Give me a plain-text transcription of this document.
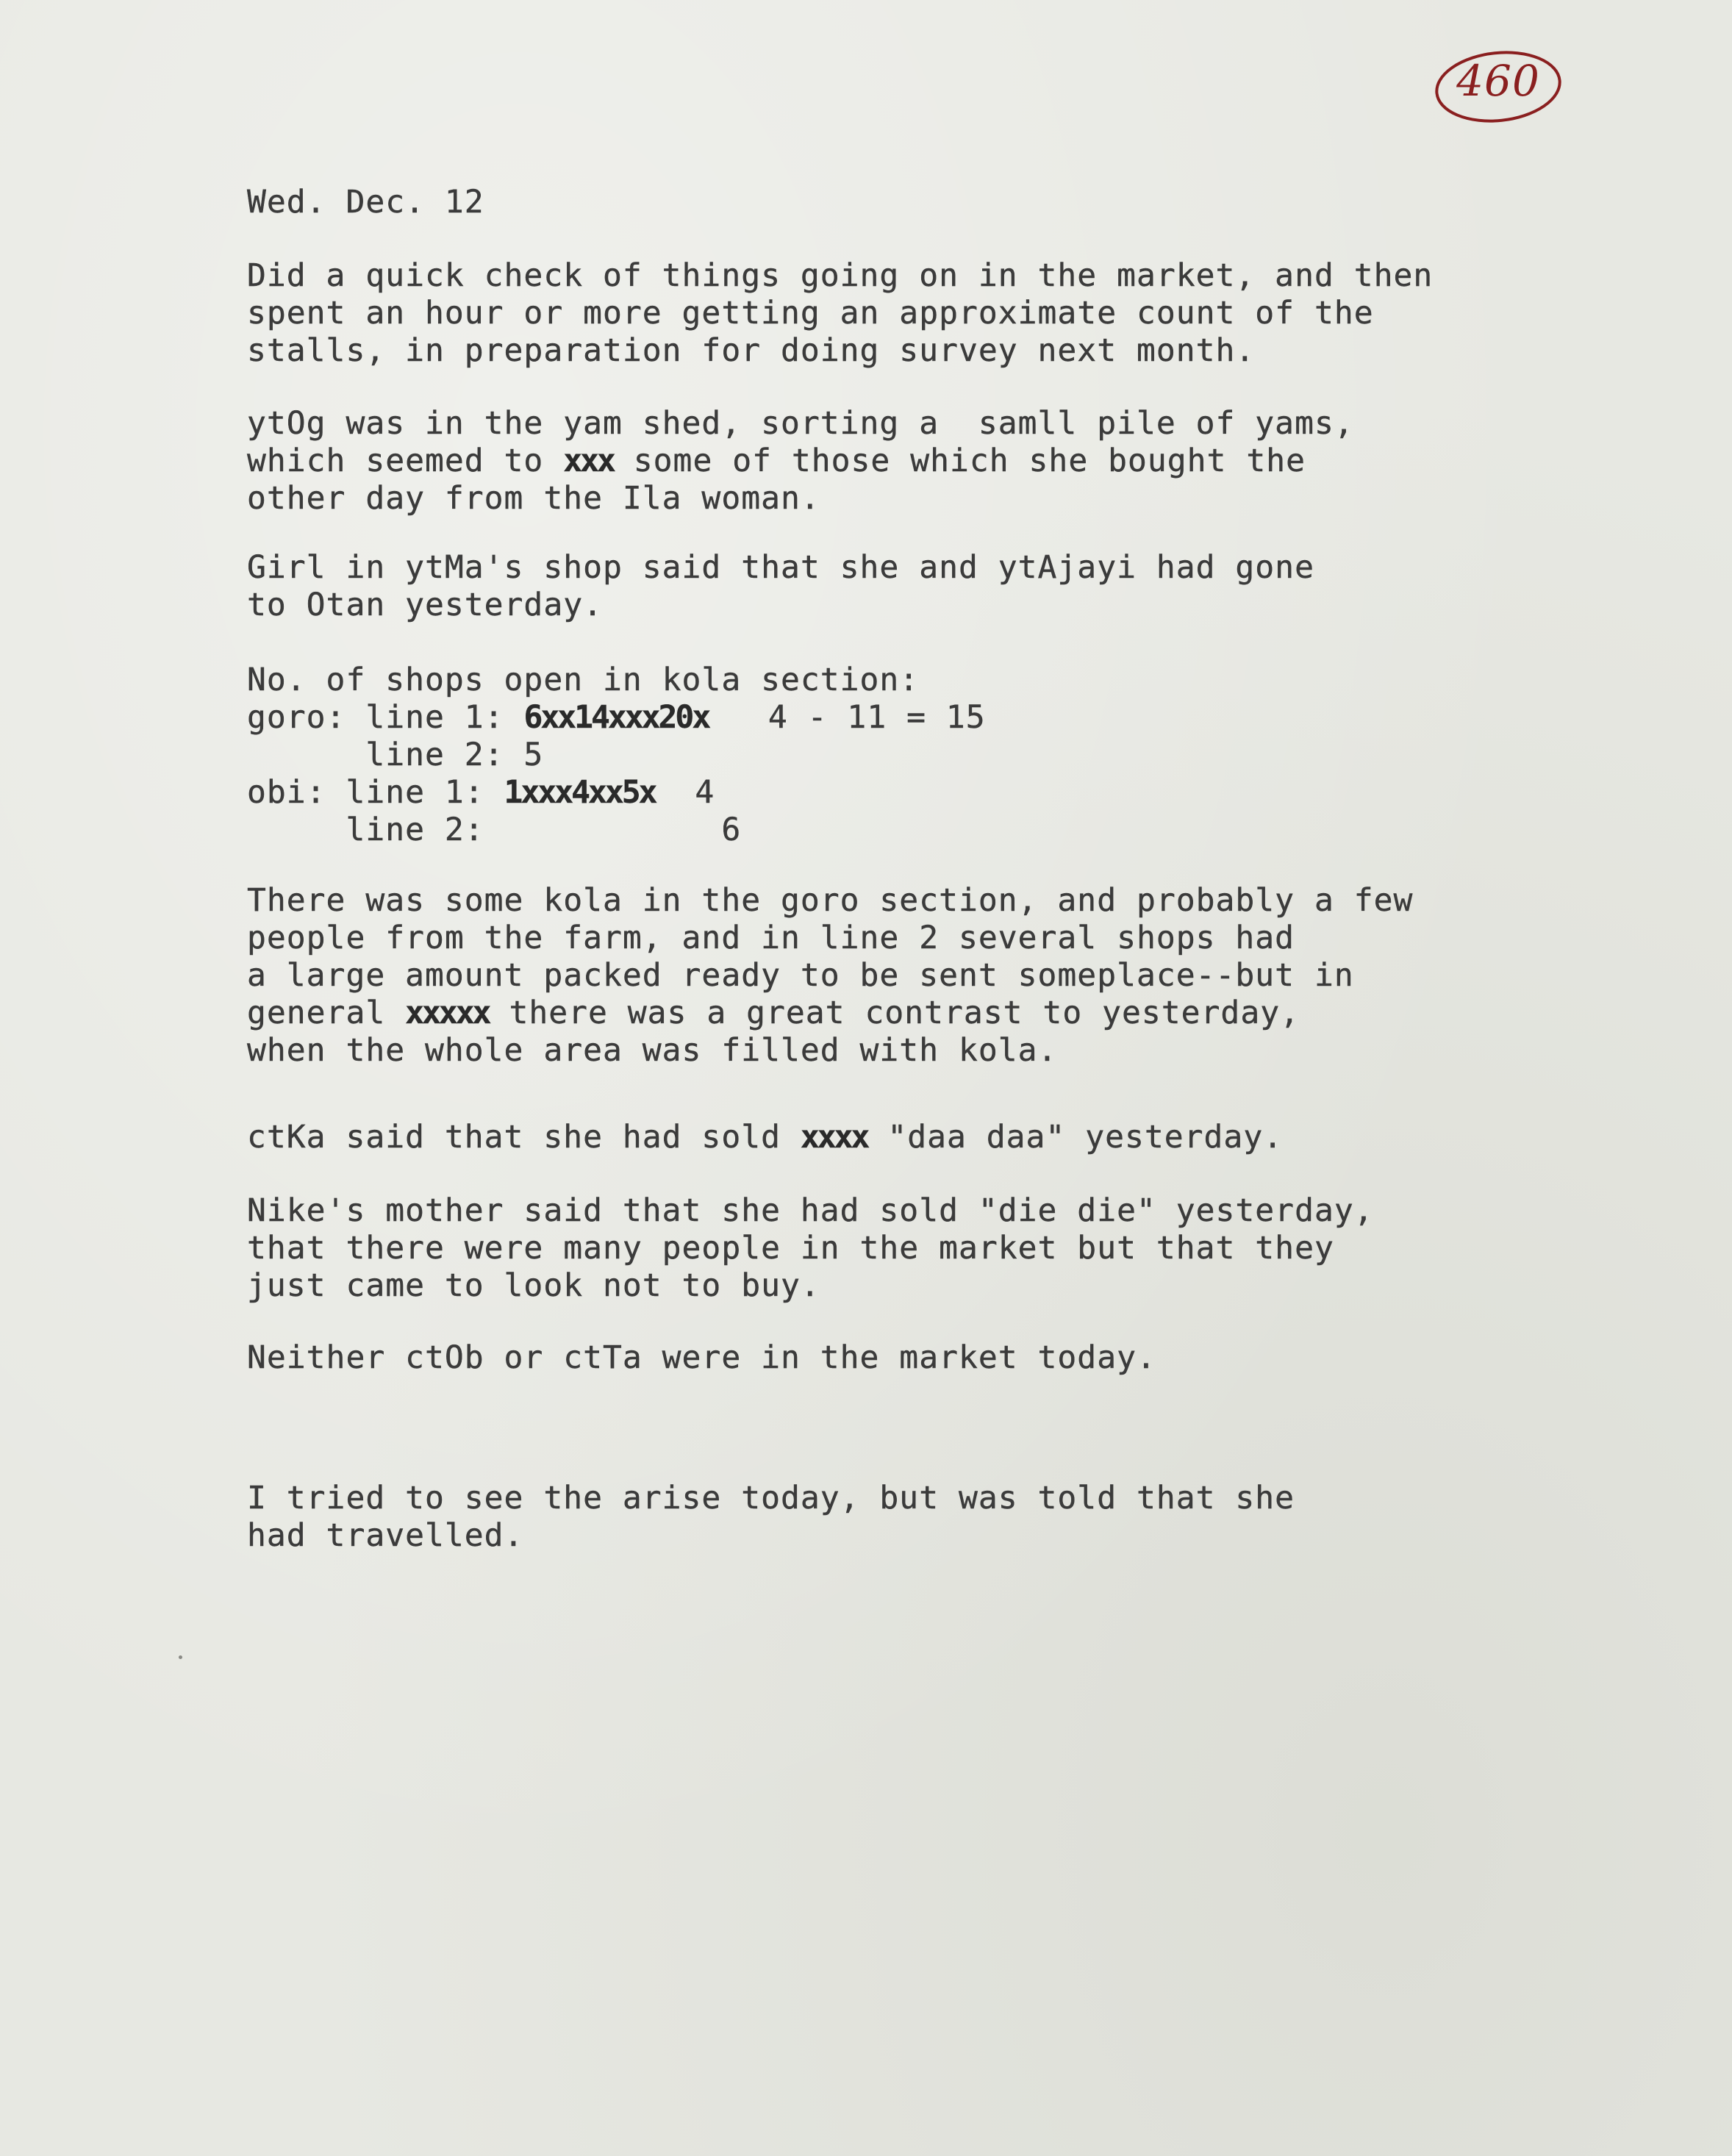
460
Wed. Dec. 12
Did a quick check of things going on in the market, and then
spent an hour or more getting an approximate count of the
stalls, in preparation for doing survey next month.
ytOg was in the yam shed, sorting a  samll pile of yams,
which seemed to xxx some of those which she bought the
other day from the Ila woman.
Girl in ytMa's shop said that she and ytAjayi had gone
to Otan yesterday.
No. of shops open in kola section:
goro: line 1: 6xx14xxx20x   4 - 11 = 15
line 2: 5
obi: line 1: 1xxx4xx5x  4
line 2:            6
There was some kola in the goro section, and probably a few
people from the farm, and in line 2 several shops had
a large amount packed ready to be sent someplace--but in
general xxxxx there was a great contrast to yesterday,
when the whole area was filled with kola.
ctKa said that she had sold xxxx "daa daa" yesterday.
Nike's mother said that she had sold "die die" yesterday,
that there were many people in the market but that they
just came to look not to buy.
Neither ctOb or ctTa were in the market today.
I tried to see the arise today, but was told that she
had travelled.
